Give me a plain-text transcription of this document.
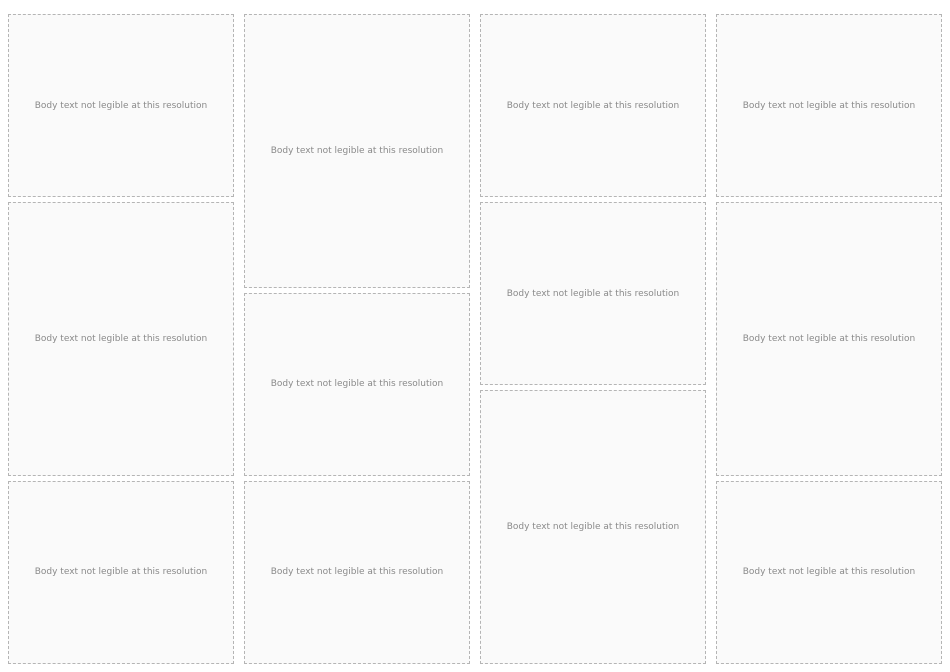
Body text not legible at this resolution
Body text not legible at this resolution
Body text not legible at this resolution
Body text not legible at this resolution
Body text not legible at this resolution
Body text not legible at this resolution
Body text not legible at this resolution
Body text not legible at this resolution
Body text not legible at this resolution
Body text not legible at this resolution
Body text not legible at this resolution
Body text not legible at this resolution
